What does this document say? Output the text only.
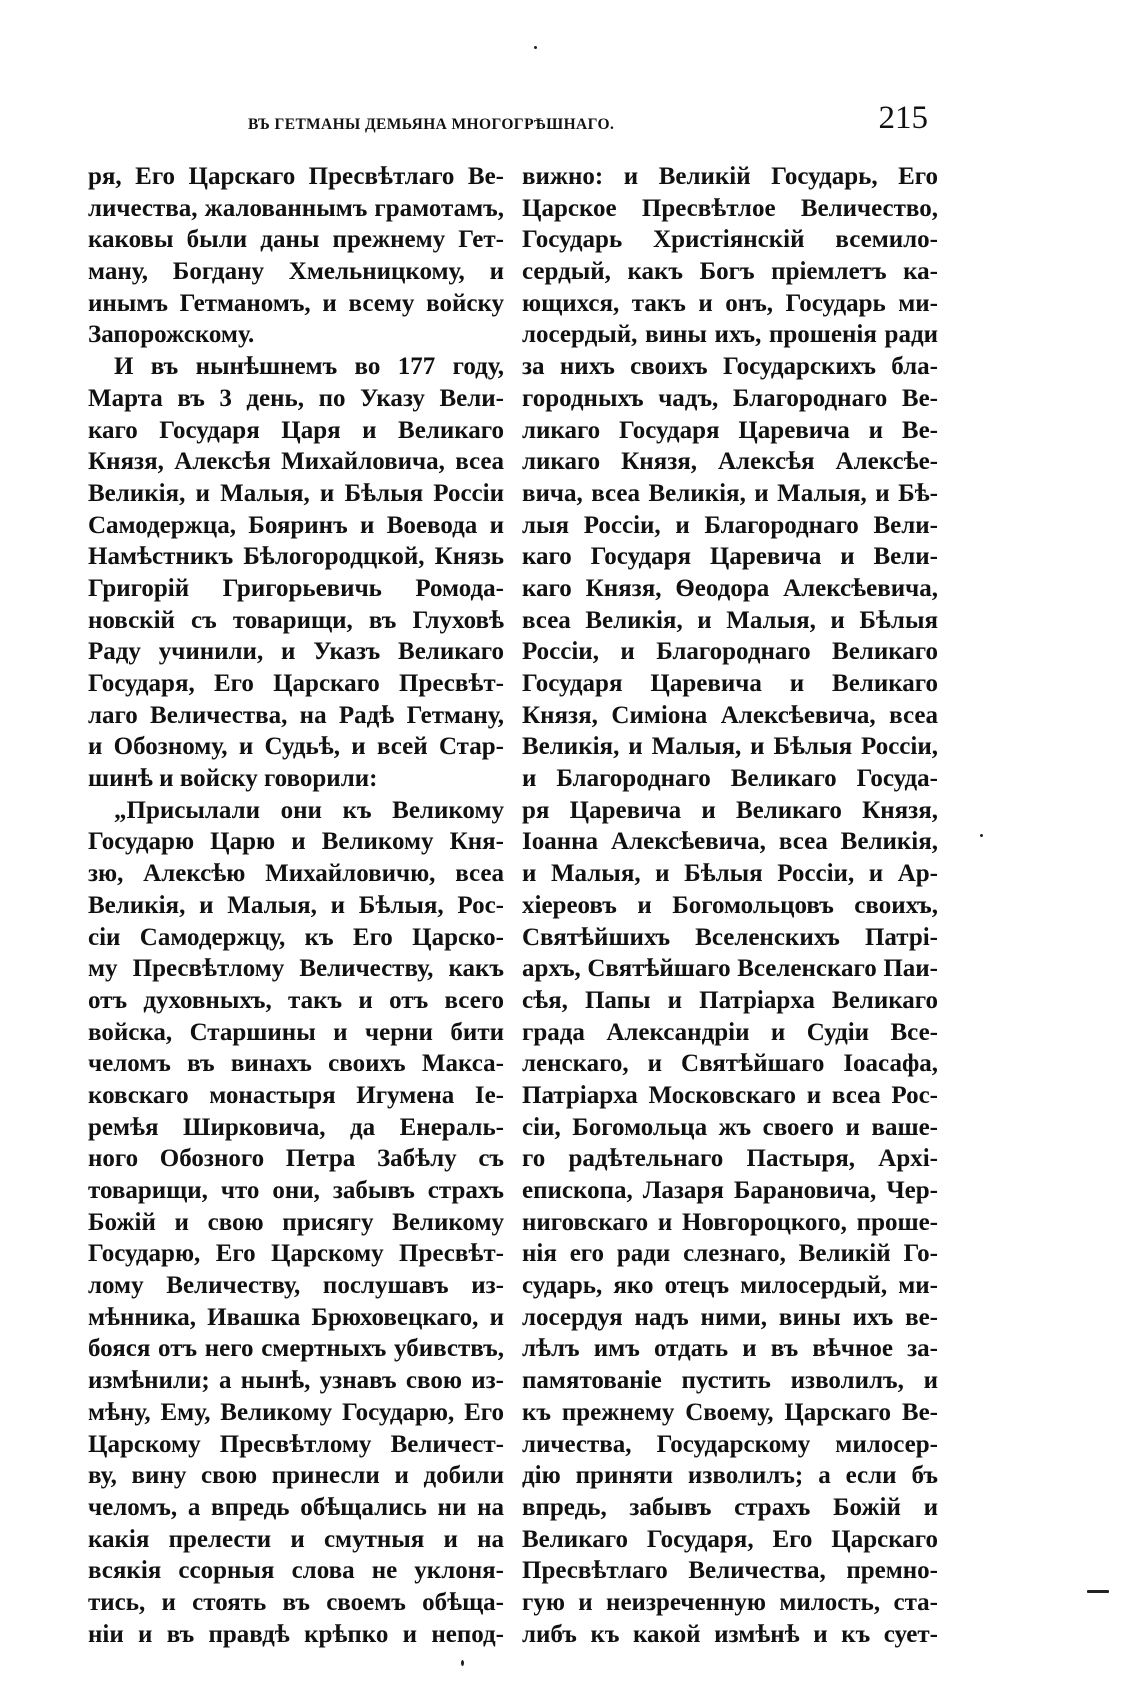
ВЪ ГЕТМАНЫ ДЕМЬЯНА МНОГОГРѢШНАГО.	215
ря, Его Царскаго Пресвѣтлаго Ве-
личества, жалованнымъ грамотамъ,
каковы были даны прежнему Гет-
ману, Богдану Хмельницкому, и
инымъ Гетманомъ, и всему войску
Запорожскому.
И въ нынѣшнемъ во 177 году,
Марта въ 3 день, по Указу Вели-
каго Государя Царя и Великаго
Князя, Алексѣя Михайловича, всеа
Великія, и Малыя, и Бѣлыя Россіи
Самодержца, Бояринъ и Воевода и
Намѣстникъ Бѣлогородцкой, Князь
Григорій Григорьевичь Ромода-
новскій съ товарищи, въ Глуховѣ
Раду учинили, и Указъ Великаго
Государя, Его Царскаго Пресвѣт-
лаго Величества, на Радѣ Гетману,
и Обозному, и Судьѣ, и всей Стар-
шинѣ и войску говорили:
„Присылали они къ Великому
Государю Царю и Великому Кня-
зю, Алексѣю Михайловичю, всеа
Великія, и Малыя, и Бѣлыя, Рос-
сіи Самодержцу, къ Его Царско-
му Пресвѣтлому Величеству, какъ
отъ духовныхъ, такъ и отъ всего
войска, Старшины и черни бити
челомъ въ винахъ своихъ Макса-
ковскаго монастыря Игумена Іе-
ремѣя Ширковича, да Енераль-
ного Обозного Петра Забѣлу съ
товарищи, что они, забывъ страхъ
Божій и свою присягу Великому
Государю, Его Царскому Пресвѣт-
лому Величеству, послушавъ из-
мѣнника, Ивашка Брюховецкаго, и
бояся отъ него смертныхъ убивствъ,
измѣнили; а нынѣ, узнавъ свою из-
мѣну, Ему, Великому Государю, Его
Царскому Пресвѣтлому Величест-
ву, вину свою принесли и добили
челомъ, а впредь обѣщались ни на
какія прелести и смутныя и на
всякія ссорныя слова не уклоня-
тись, и стоять въ своемъ обѣща-
ніи и въ правдѣ крѣпко и непод-
вижно: и Великій Государь, Его
Царское Пресвѣтлое Величество,
Государь Христіянскій всемило-
сердый, какъ Богъ пріемлетъ ка-
ющихся, такъ и онъ, Государь ми-
лосердый, вины ихъ, прошенія ради
за нихъ своихъ Государскихъ бла-
городныхъ чадъ, Благороднаго Ве-
ликаго Государя Царевича и Ве-
ликаго Князя, Алексѣя Алексѣе-
вича, всеа Великія, и Малыя, и Бѣ-
лыя Россіи, и Благороднаго Вели-
каго Государя Царевича и Вели-
каго Князя, Ѳеодора Алексѣевича,
всеа Великія, и Малыя, и Бѣлыя
Россіи, и Благороднаго Великаго
Государя Царевича и Великаго
Князя, Симіона Алексѣевича, всеа
Великія, и Малыя, и Бѣлыя Россіи,
и Благороднаго Великаго Госуда-
ря Царевича и Великаго Князя,
Іоанна Алексѣевича, всеа Великія,
и Малыя, и Бѣлыя Россіи, и Ар-
хіереовъ и Богомольцовъ своихъ,
Святѣйшихъ Вселенскихъ Патрі-
архъ, Святѣйшаго Вселенскаго Паи-
сѣя, Папы и Патріарха Великаго
града Александріи и Судіи Все-
ленскаго, и Святѣйшаго Іоасафа,
Патріарха Московскаго и всеа Рос-
сіи, Богомольца жъ своего и ваше-
го радѣтельнаго Пастыря, Архі-
епископа, Лазаря Барановича, Чер-
ниговскаго и Новгороцкого, проше-
нія его ради слезнаго, Великій Го-
сударь, яко отецъ милосердый, ми-
лосердуя надъ ними, вины ихъ ве-
лѣлъ имъ отдать и въ вѣчное за-
памятованіе пустить изволилъ, и
къ прежнему Своему, Царскаго Ве-
личества, Государскому милосер-
дію приняти изволилъ; а если бъ
впредь, забывъ страхъ Божій и
Великаго Государя, Его Царскаго
Пресвѣтлаго Величества, премно-
гую и неизреченную милость, ста-
либъ къ какой измѣнѣ и къ сует-
